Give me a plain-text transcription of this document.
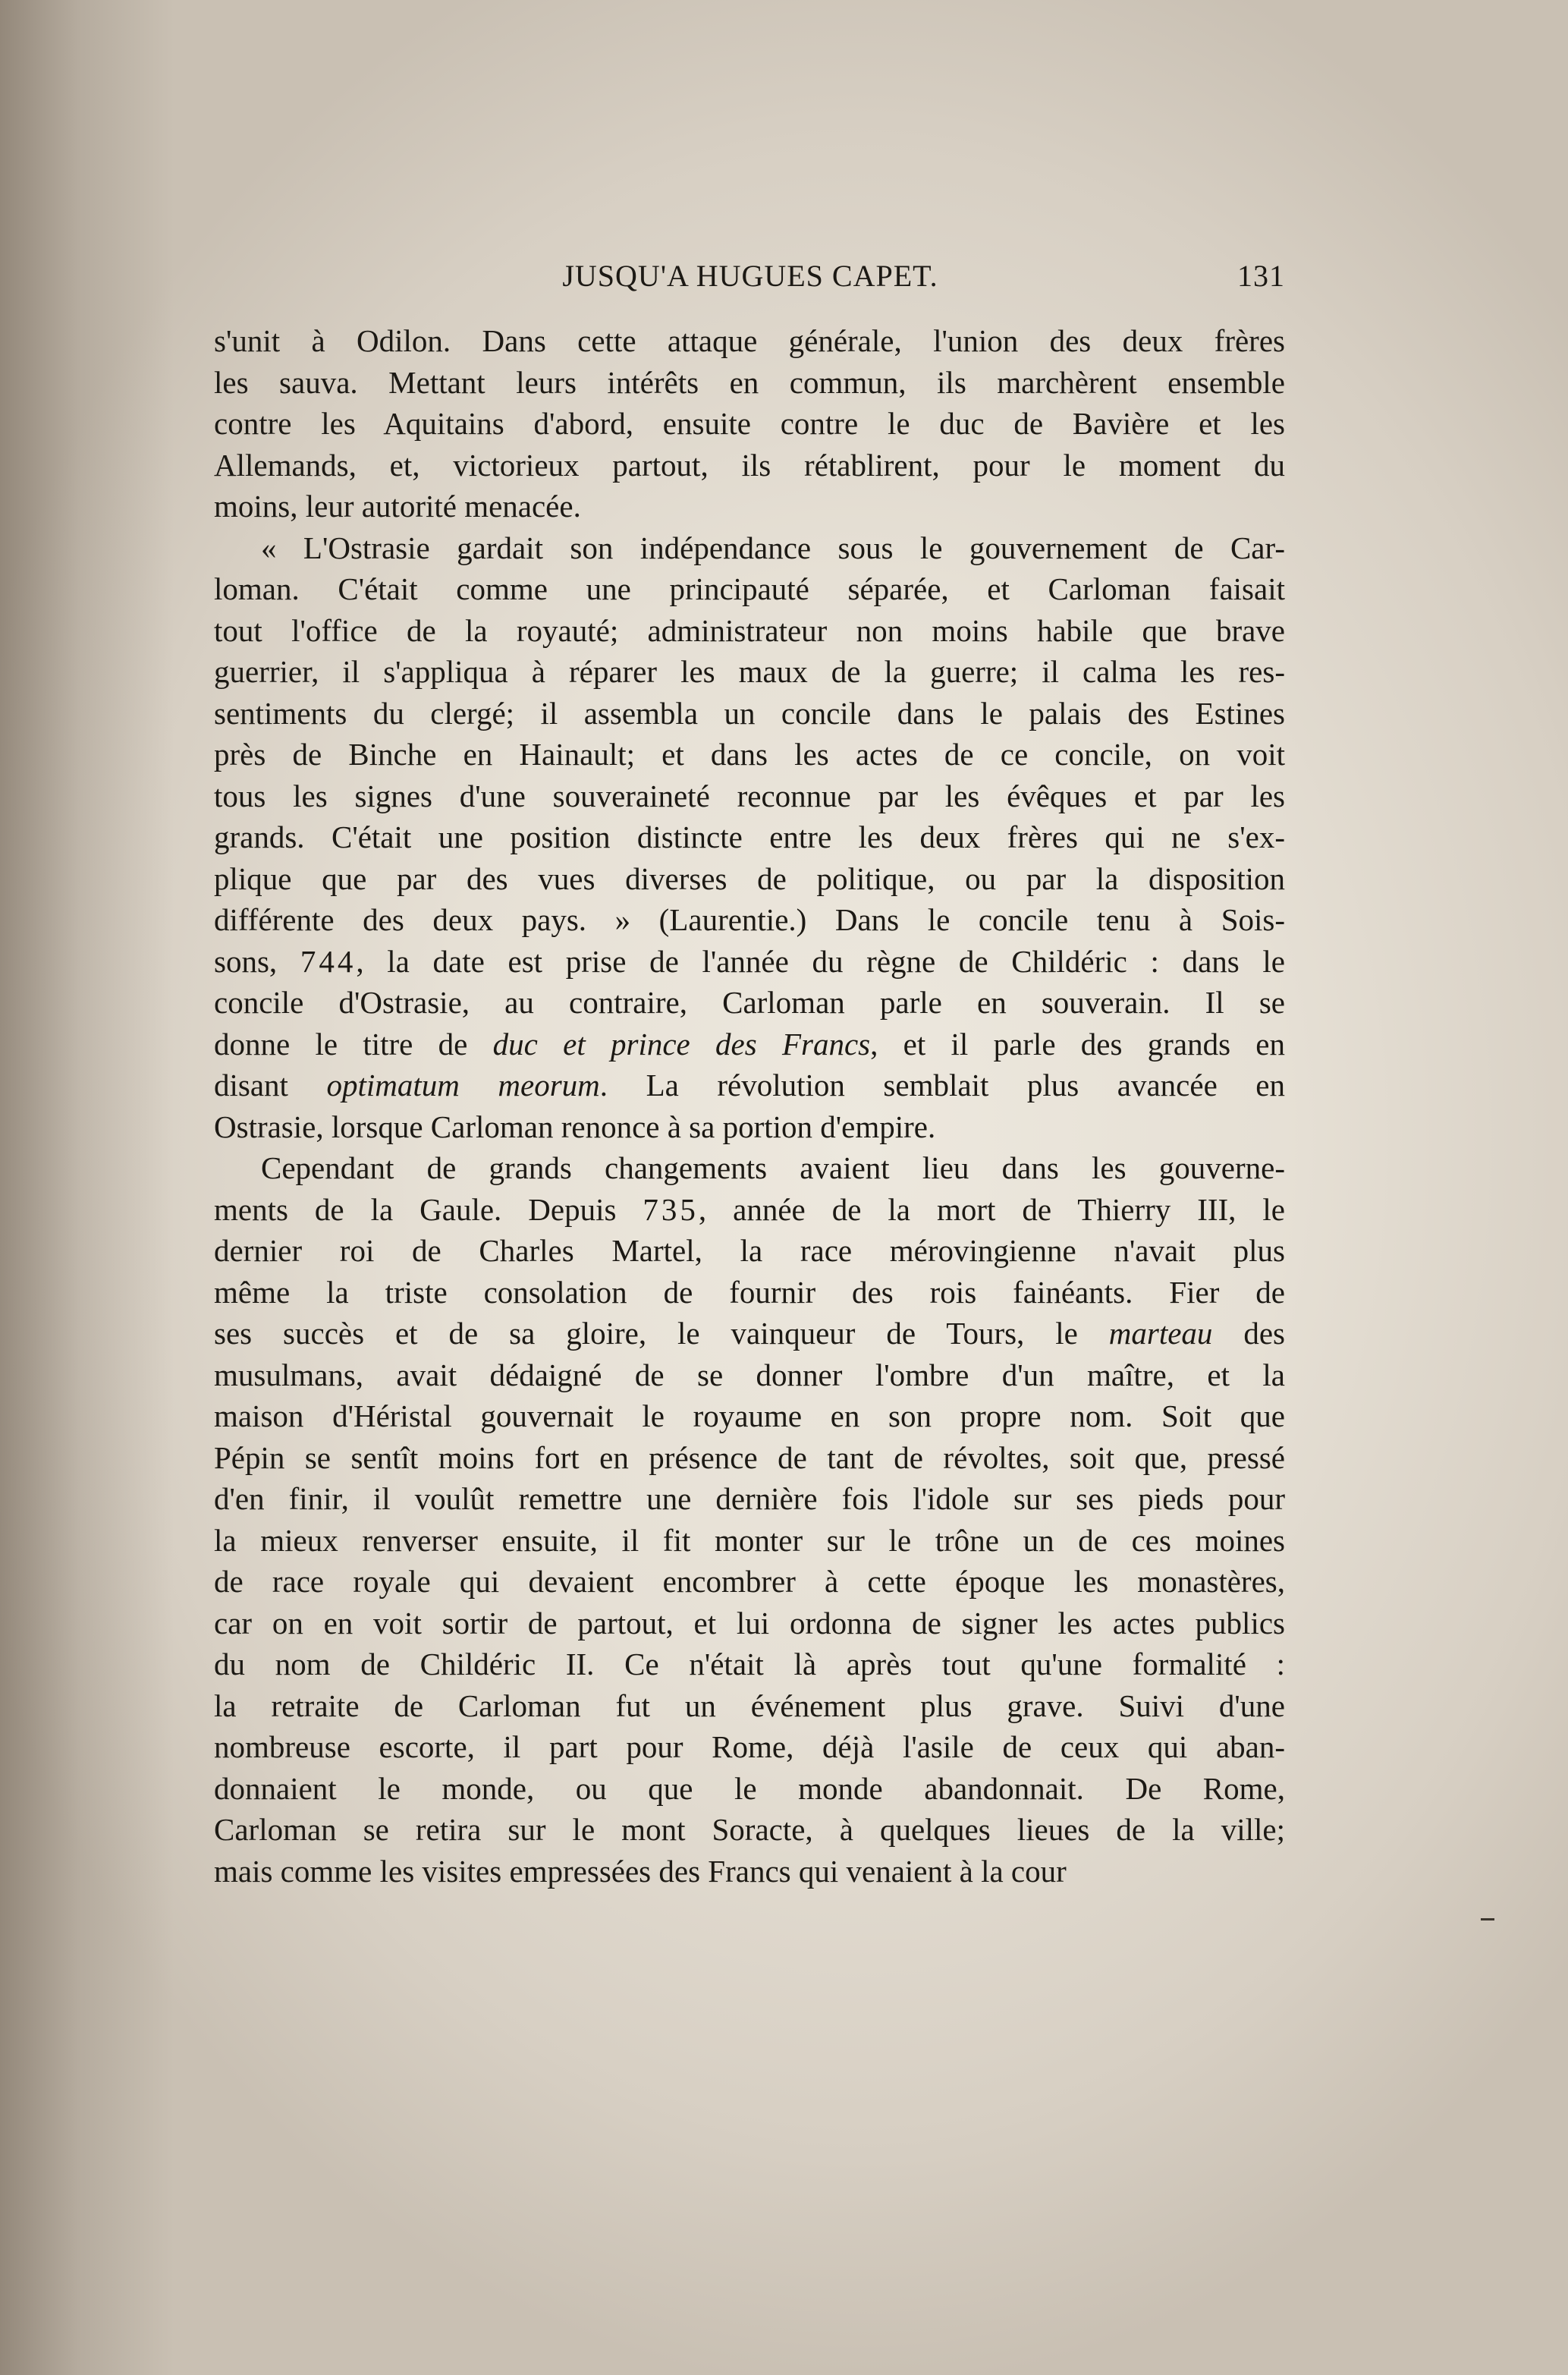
JUSQU'A HUGUES CAPET.	131
s'unit à Odilon. Dans cette attaque générale, l'union des deux frères
les sauva. Mettant leurs intérêts en commun, ils marchèrent ensemble
contre les Aquitains d'abord, ensuite contre le duc de Bavière et les
Allemands, et, victorieux partout, ils rétablirent, pour le moment du
moins, leur autorité menacée.
« L'Ostrasie gardait son indépendance sous le gouvernement de Car-
loman. C'était comme une principauté séparée, et Carloman faisait
tout l'office de la royauté; administrateur non moins habile que brave
guerrier, il s'appliqua à réparer les maux de la guerre; il calma les res-
sentiments du clergé; il assembla un concile dans le palais des Estines
près de Binche en Hainault; et dans les actes de ce concile, on voit
tous les signes d'une souveraineté reconnue par les évêques et par les
grands. C'était une position distincte entre les deux frères qui ne s'ex-
plique que par des vues diverses de politique, ou par la disposition
différente des deux pays. » (Laurentie.) Dans le concile tenu à Sois-
sons, 744, la date est prise de l'année du règne de Childéric : dans le
concile d'Ostrasie, au contraire, Carloman parle en souverain. Il se
donne le titre de duc et prince des Francs, et il parle des grands en
disant optimatum meorum. La révolution semblait plus avancée en
Ostrasie, lorsque Carloman renonce à sa portion d'empire.
Cependant de grands changements avaient lieu dans les gouverne-
ments de la Gaule. Depuis 735, année de la mort de Thierry III, le
dernier roi de Charles Martel, la race mérovingienne n'avait plus
même la triste consolation de fournir des rois fainéants. Fier de
ses succès et de sa gloire, le vainqueur de Tours, le marteau des
musulmans, avait dédaigné de se donner l'ombre d'un maître, et la
maison d'Héristal gouvernait le royaume en son propre nom. Soit que
Pépin se sentît moins fort en présence de tant de révoltes, soit que, pressé
d'en finir, il voulût remettre une dernière fois l'idole sur ses pieds pour
la mieux renverser ensuite, il fit monter sur le trône un de ces moines
de race royale qui devaient encombrer à cette époque les monastères,
car on en voit sortir de partout, et lui ordonna de signer les actes publics
du nom de Childéric II. Ce n'était là après tout qu'une formalité :
la retraite de Carloman fut un événement plus grave. Suivi d'une
nombreuse escorte, il part pour Rome, déjà l'asile de ceux qui aban-
donnaient le monde, ou que le monde abandonnait. De Rome,
Carloman se retira sur le mont Soracte, à quelques lieues de la ville;
mais comme les visites empressées des Francs qui venaient à la cour
